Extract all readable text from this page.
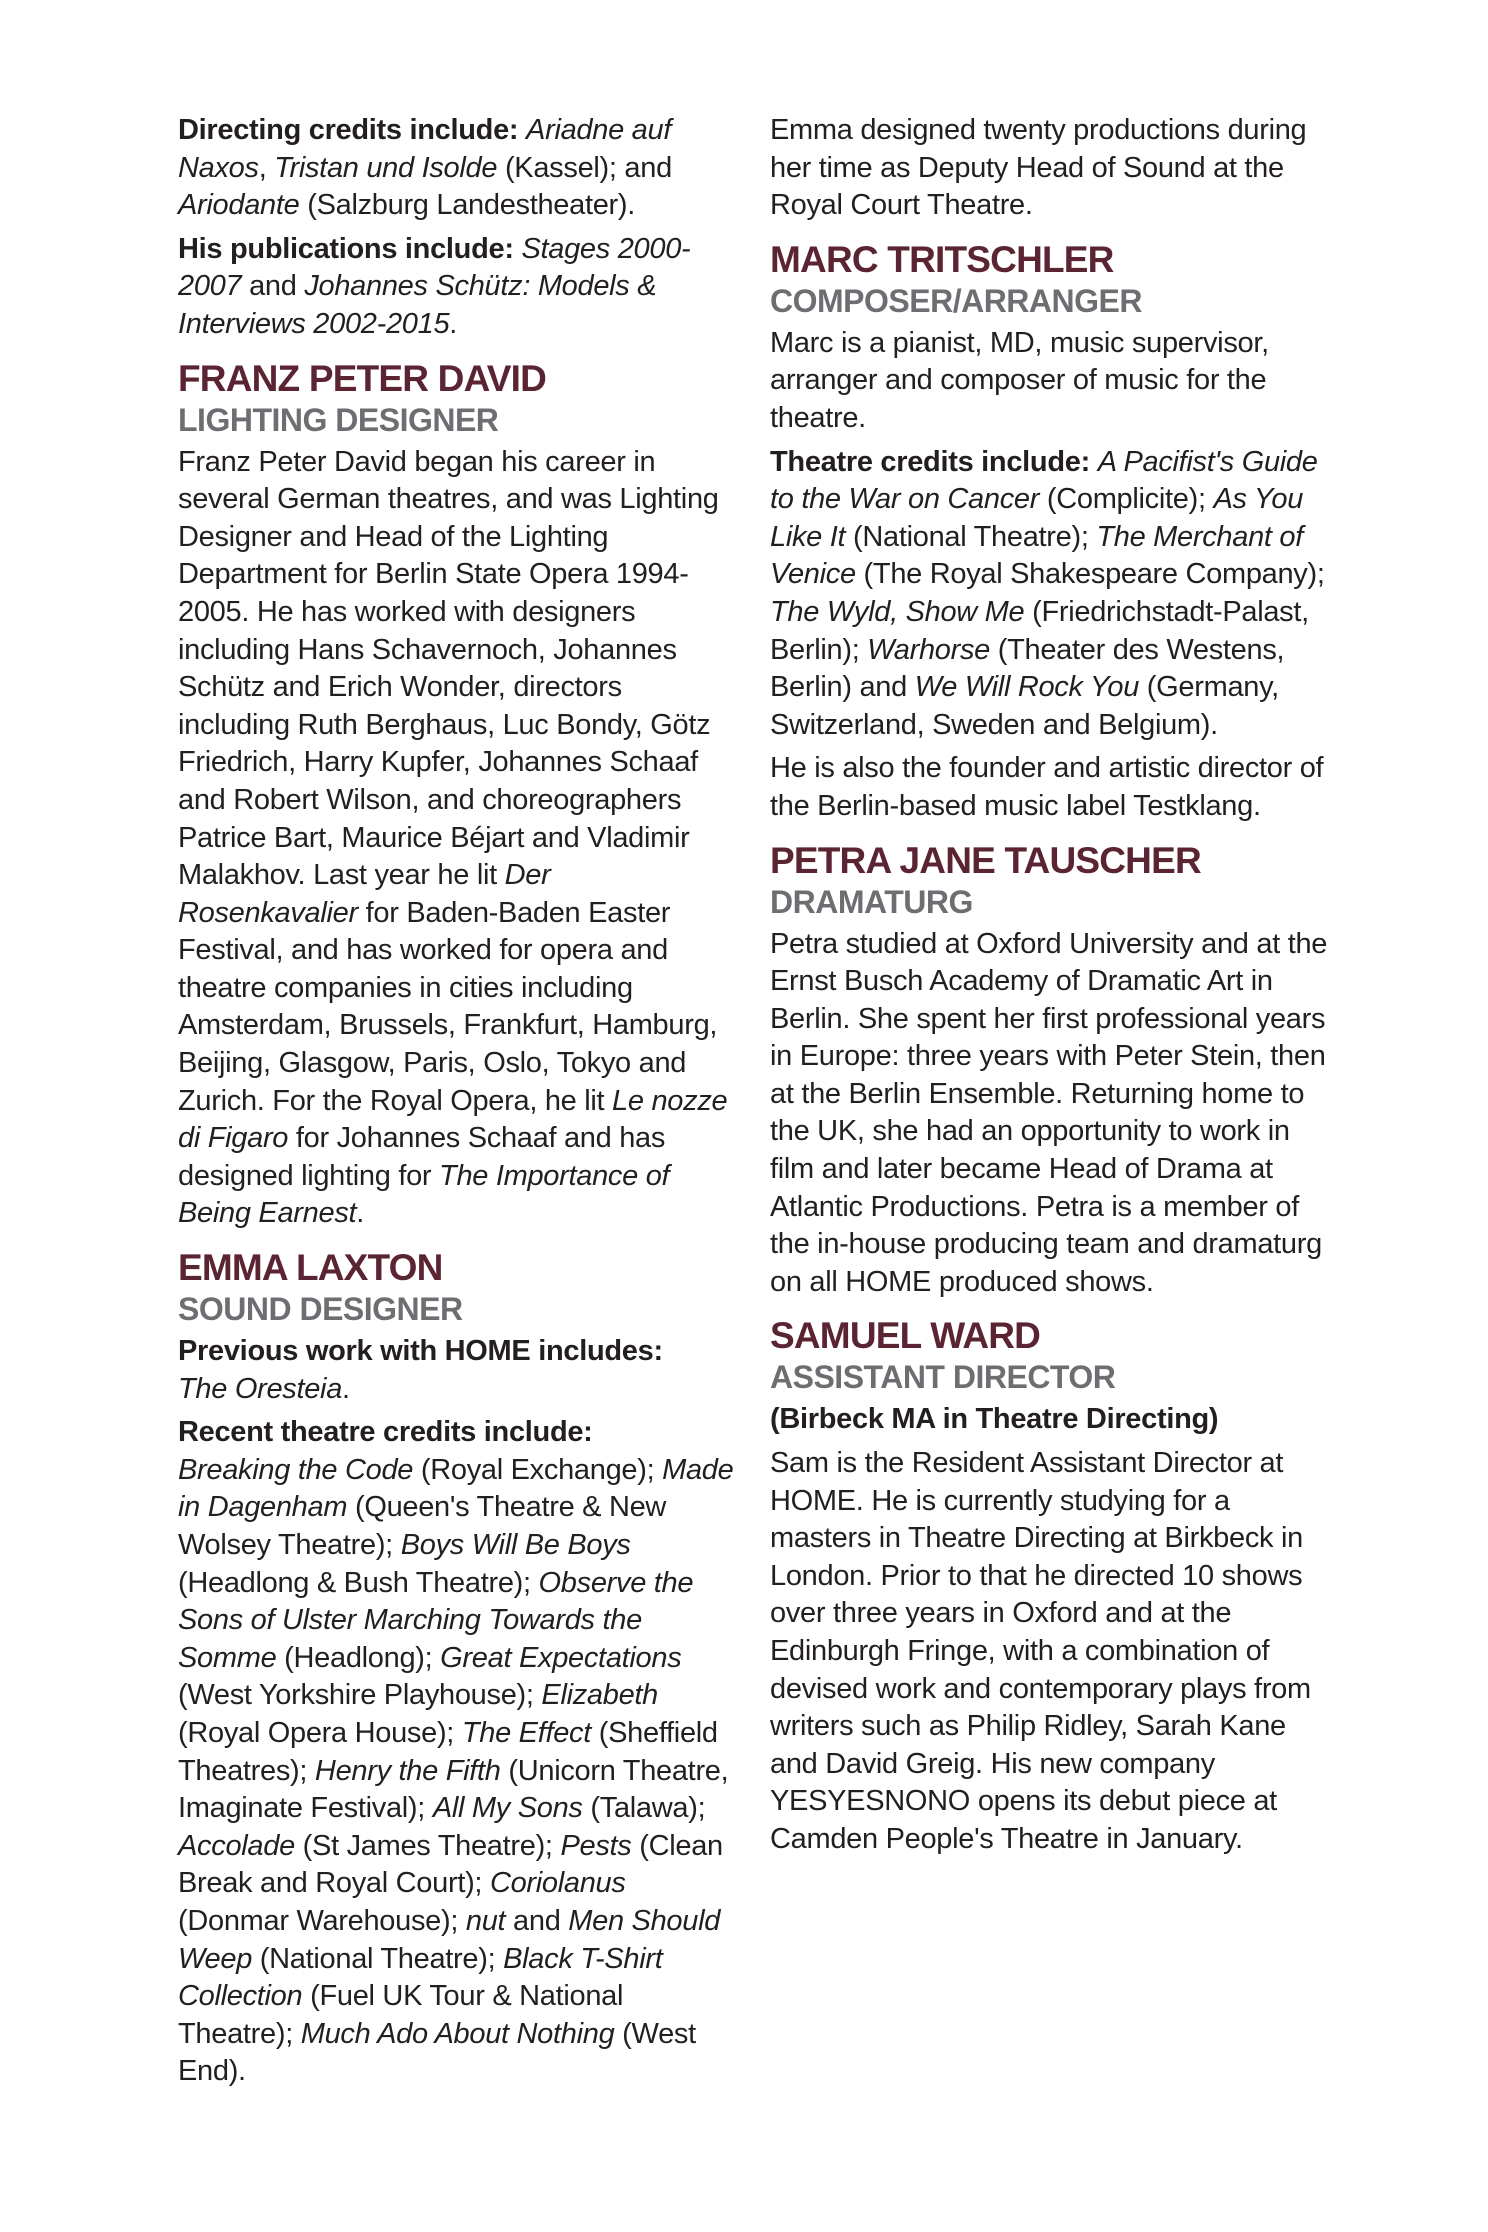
Directing credits include: Ariadne auf Naxos, Tristan und Isolde (Kassel); and Ariodante (Salzburg Landestheater).

His publications include: Stages 2000-2007 and Johannes Schütz: Models & Interviews 2002-2015.

FRANZ PETER DAVID
LIGHTING DESIGNER

Franz Peter David began his career in several German theatres, and was Lighting Designer and Head of the Lighting Department for Berlin State Opera 1994-2005. He has worked with designers including Hans Schavernoch, Johannes Schütz and Erich Wonder, directors including Ruth Berghaus, Luc Bondy, Götz Friedrich, Harry Kupfer, Johannes Schaaf and Robert Wilson, and choreographers Patrice Bart, Maurice Béjart and Vladimir Malakhov. Last year he lit Der Rosenkavalier for Baden-Baden Easter Festival, and has worked for opera and theatre companies in cities including Amsterdam, Brussels, Frankfurt, Hamburg, Beijing, Glasgow, Paris, Oslo, Tokyo and Zurich. For the Royal Opera, he lit Le nozze di Figaro for Johannes Schaaf and has designed lighting for The Importance of Being Earnest.

EMMA LAXTON
SOUND DESIGNER

Previous work with HOME includes:
The Oresteia.

Recent theatre credits include:
Breaking the Code (Royal Exchange); Made in Dagenham (Queen's Theatre & New Wolsey Theatre); Boys Will Be Boys (Headlong & Bush Theatre); Observe the Sons of Ulster Marching Towards the Somme (Headlong); Great Expectations (West Yorkshire Playhouse); Elizabeth (Royal Opera House); The Effect (Sheffield Theatres); Henry the Fifth (Unicorn Theatre, Imaginate Festival); All My Sons (Talawa); Accolade (St James Theatre); Pests (Clean Break and Royal Court); Coriolanus (Donmar Warehouse); nut and Men Should Weep (National Theatre); Black T-Shirt Collection (Fuel UK Tour & National Theatre); Much Ado About Nothing (West End).

Emma designed twenty productions during her time as Deputy Head of Sound at the Royal Court Theatre.

MARC TRITSCHLER
COMPOSER/ARRANGER

Marc is a pianist, MD, music supervisor, arranger and composer of music for the theatre.

Theatre credits include: A Pacifist's Guide to the War on Cancer (Complicite); As You Like It (National Theatre); The Merchant of Venice (The Royal Shakespeare Company); The Wyld, Show Me (Friedrichstadt-Palast, Berlin); Warhorse (Theater des Westens, Berlin) and We Will Rock You (Germany, Switzerland, Sweden and Belgium).

He is also the founder and artistic director of the Berlin-based music label Testklang.

PETRA JANE TAUSCHER
DRAMATURG

Petra studied at Oxford University and at the Ernst Busch Academy of Dramatic Art in Berlin. She spent her first professional years in Europe: three years with Peter Stein, then at the Berlin Ensemble. Returning home to the UK, she had an opportunity to work in film and later became Head of Drama at Atlantic Productions. Petra is a member of the in-house producing team and dramaturg on all HOME produced shows.

SAMUEL WARD
ASSISTANT DIRECTOR

(Birbeck MA in Theatre Directing)

Sam is the Resident Assistant Director at HOME. He is currently studying for a masters in Theatre Directing at Birkbeck in London. Prior to that he directed 10 shows over three years in Oxford and at the Edinburgh Fringe, with a combination of devised work and contemporary plays from writers such as Philip Ridley, Sarah Kane and David Greig. His new company YESYESNONO opens its debut piece at Camden People's Theatre in January.
